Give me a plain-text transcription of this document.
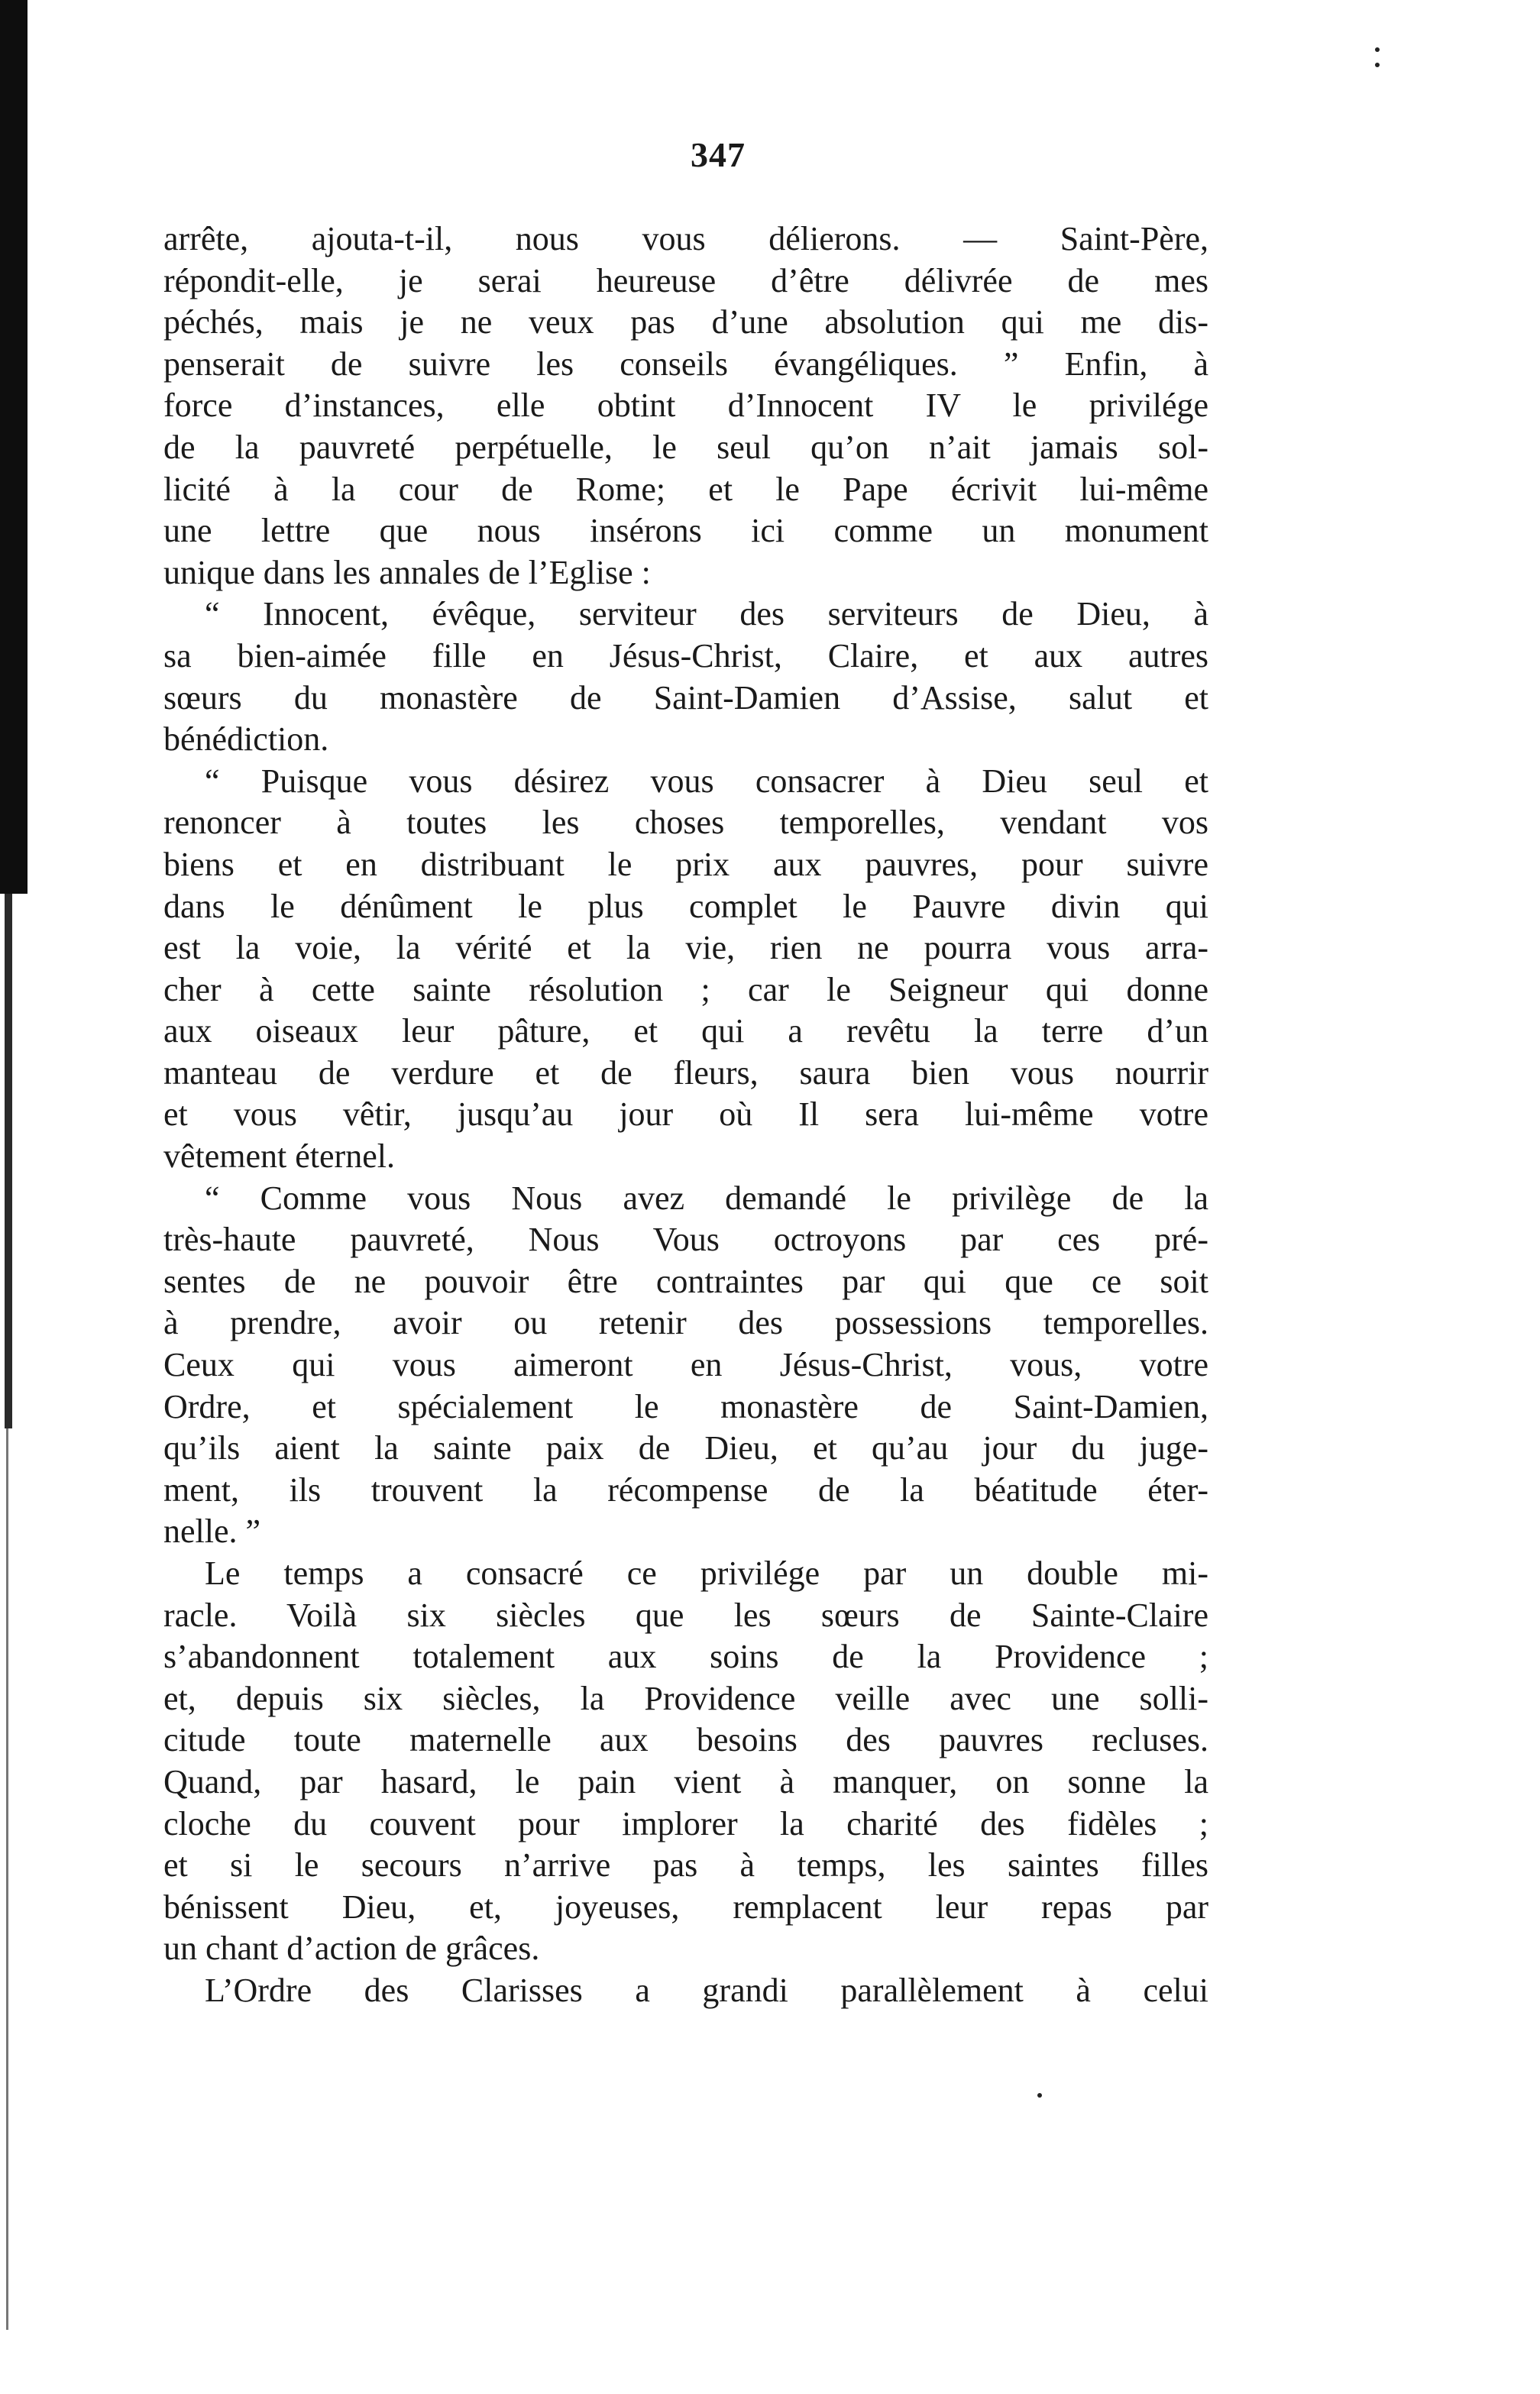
347
arrête, ajouta-t-il, nous vous délierons. — Saint-Père,
répondit-elle, je serai heureuse d’être délivrée de mes
péchés, mais je ne veux pas d’une absolution qui me dis-
penserait de suivre les conseils évangéliques. ” Enfin, à
force d’instances, elle obtint d’Innocent IV le privilége
de la pauvreté perpétuelle, le seul qu’on n’ait jamais sol-
licité à la cour de Rome; et le Pape écrivit lui-même
une lettre que nous insérons ici comme un monument
unique dans les annales de l’Eglise :
“ Innocent, évêque, serviteur des serviteurs de Dieu, à
sa bien-aimée fille en Jésus-Christ, Claire, et aux autres
sœurs du monastère de Saint-Damien d’Assise, salut et
bénédiction.
“ Puisque vous désirez vous consacrer à Dieu seul et
renoncer à toutes les choses temporelles, vendant vos
biens et en distribuant le prix aux pauvres, pour suivre
dans le dénûment le plus complet le Pauvre divin qui
est la voie, la vérité et la vie, rien ne pourra vous arra-
cher à cette sainte résolution ; car le Seigneur qui donne
aux oiseaux leur pâture, et qui a revêtu la terre d’un
manteau de verdure et de fleurs, saura bien vous nourrir
et vous vêtir, jusqu’au jour où Il sera lui-même votre
vêtement éternel.
“ Comme vous Nous avez demandé le privilège de la
très-haute pauvreté, Nous Vous octroyons par ces pré-
sentes de ne pouvoir être contraintes par qui que ce soit
à prendre, avoir ou retenir des possessions temporelles.
Ceux qui vous aimeront en Jésus-Christ, vous, votre
Ordre, et spécialement le monastère de Saint-Damien,
qu’ils aient la sainte paix de Dieu, et qu’au jour du juge-
ment, ils trouvent la récompense de la béatitude éter-
nelle. ”
Le temps a consacré ce privilége par un double mi-
racle. Voilà six siècles que les sœurs de Sainte-Claire
s’abandonnent totalement aux soins de la Providence ;
et, depuis six siècles, la Providence veille avec une solli-
citude toute maternelle aux besoins des pauvres recluses.
Quand, par hasard, le pain vient à manquer, on sonne la
cloche du couvent pour implorer la charité des fidèles ;
et si le secours n’arrive pas à temps, les saintes filles
bénissent Dieu, et, joyeuses, remplacent leur repas par
un chant d’action de grâces.
L’Ordre des Clarisses a grandi parallèlement à celui
